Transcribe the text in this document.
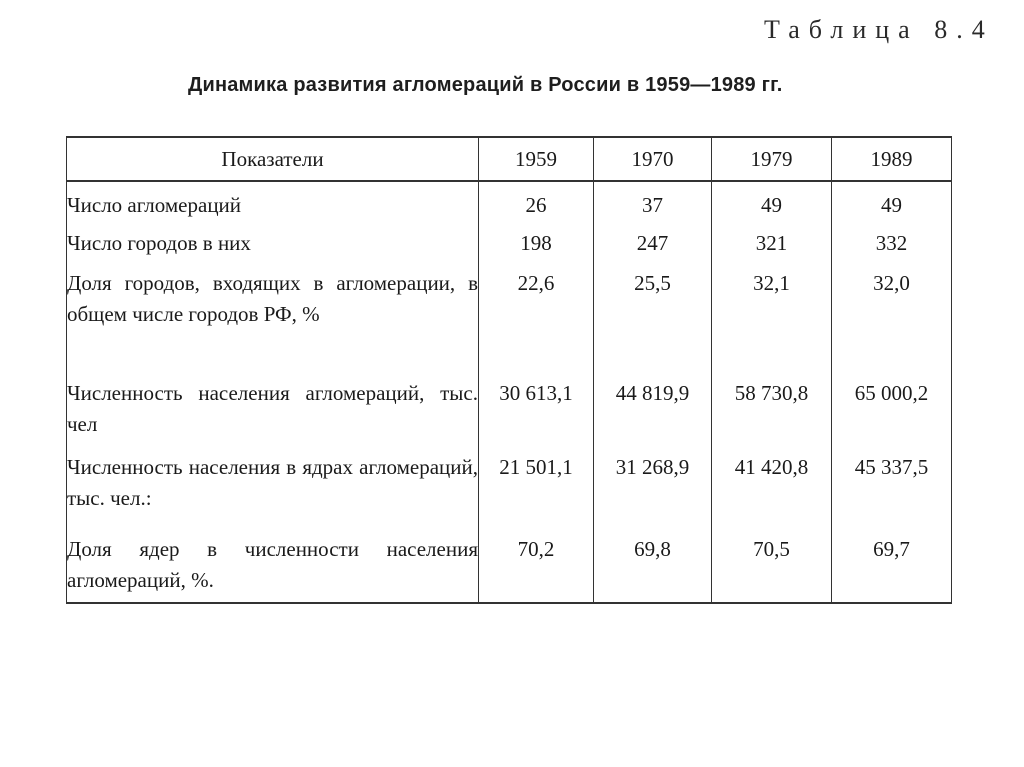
Таблица 8.4
Динамика развития агломераций в России в 1959—1989 гг.
Показатели	1959	1970	1979	1989
Число агломераций	26	37	49	49
Число городов в них	198	247	321	332
Доля городов, входящих в агломерации, в общем числе городов РФ, %	22,6	25,5	32,1	32,0
Численность населения агломераций, тыс. чел	30 613,1	44 819,9	58 730,8	65 000,2
Численность населения в ядрах агломераций, тыс. чел.:	21 501,1	31 268,9	41 420,8	45 337,5
Доля ядер в численности населения агломераций, %.	70,2	69,8	70,5	69,7
